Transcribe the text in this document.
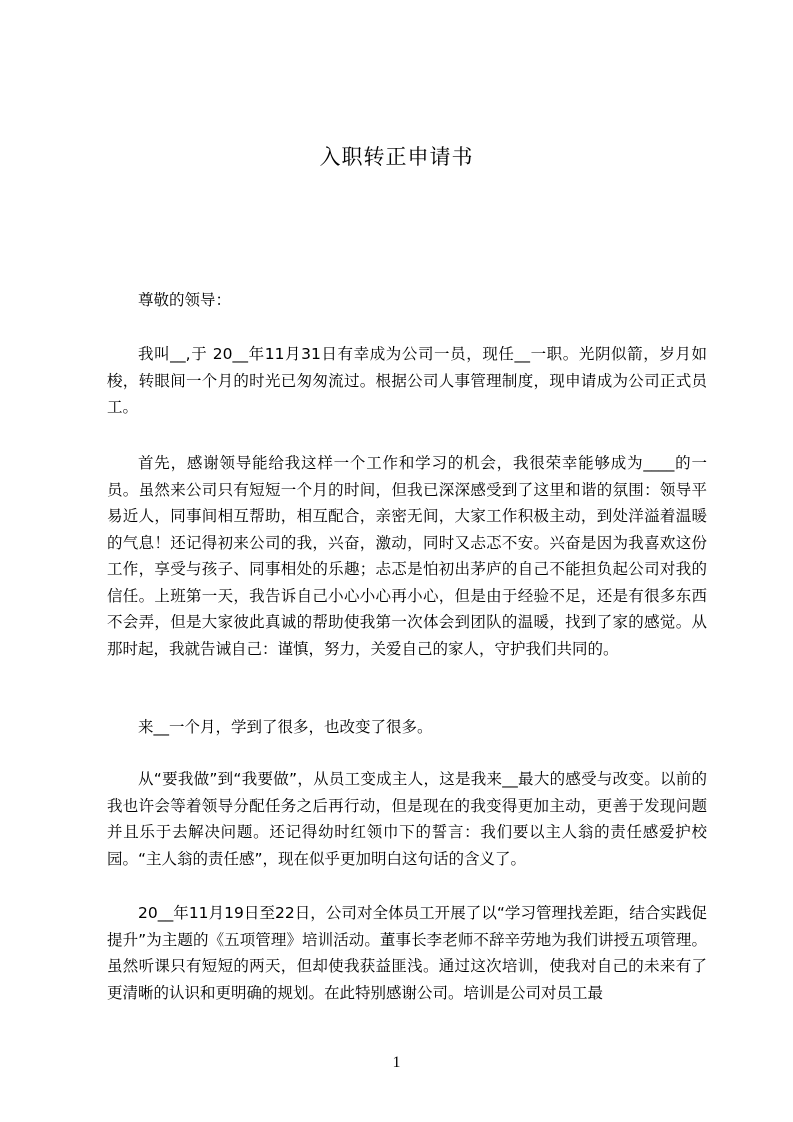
入职转正申请书

尊敬的领导：

我叫__,于 20__年11月31日有幸成为公司一员，现任__一职。光阴似箭，岁月如梭，转眼间一个月的时光已匆匆流过。根据公司人事管理制度，现申请成为公司正式员工。

首先，感谢领导能给我这样一个工作和学习的机会，我很荣幸能够成为____的一员。虽然来公司只有短短一个月的时间，但我已深深感受到了这里和谐的氛围：领导平易近人，同事间相互帮助，相互配合，亲密无间，大家工作积极主动，到处洋溢着温暖的气息！还记得初来公司的我，兴奋，激动，同时又忐忑不安。兴奋是因为我喜欢这份工作，享受与孩子、同事相处的乐趣；忐忑是怕初出茅庐的自己不能担负起公司对我的信任。上班第一天，我告诉自己小心小心再小心，但是由于经验不足，还是有很多东西不会弄，但是大家彼此真诚的帮助使我第一次体会到团队的温暖，找到了家的感觉。从那时起，我就告诫自己：谨慎，努力，关爱自己的家人，守护我们共同的。

来__一个月，学到了很多，也改变了很多。

从“要我做”到“我要做”，从员工变成主人，这是我来__最大的感受与改变。以前的我也许会等着领导分配任务之后再行动，但是现在的我变得更加主动，更善于发现问题并且乐于去解决问题。还记得幼时红领巾下的誓言：我们要以主人翁的责任感爱护校园。“主人翁的责任感”，现在似乎更加明白这句话的含义了。

20__年11月19日至22日，公司对全体员工开展了以“学习管理找差距，结合实践促提升”为主题的《五项管理》培训活动。董事长李老师不辞辛劳地为我们讲授五项管理。虽然听课只有短短的两天，但却使我获益匪浅。通过这次培训，使我对自己的未来有了更清晰的认识和更明确的规划。在此特别感谢公司。培训是公司对员工最

1
